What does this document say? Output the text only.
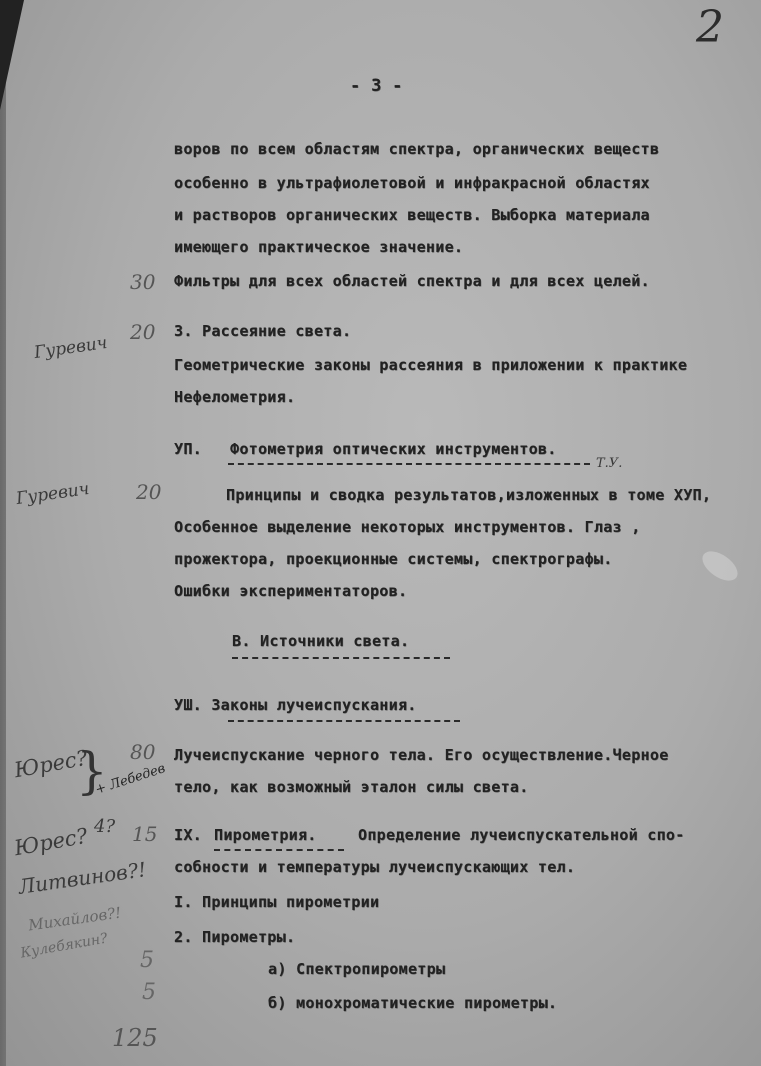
2
- 3 -
воров по всем областям спектра, органических веществ
особенно в ультрафиолетовой и инфракрасной областях
и растворов органических веществ. Выборка материала
имеющего практическое значение.
Фильтры для всех областей спектра и для всех целей.
3. Рассеяние света.
Геометрические законы рассеяния в приложении к практике
Нефелометрия.
УП. Фотометрия оптических инструментов.
Т.У.
Принципы и сводка результатов,изложенных в томе ХУП,
Особенное выделение некоторых инструментов. Глаз ,
прожектора, проекционные системы, спектрографы.
Ошибки экспериментаторов.
В. Источники света.
УШ. Законы лучеиспускания.
Лучеиспускание черного тела. Его осуществление.Черное
тело, как возможный эталон силы света.
IX. Пирометрия.	Определение лучеиспускательной спо-
собности и температуры лучеиспускающих тел.
I. Принципы пирометрии
2. Пирометры.
а) Спектропирометры
б) монохроматические пирометры.
30
20
20
80
15
5
5
125
Гуревич
Гуревич
Юрес?
}
+ Лебедев
Юрес? 4?
Литвинов?!
Михайлов?!
Кулебякин?
